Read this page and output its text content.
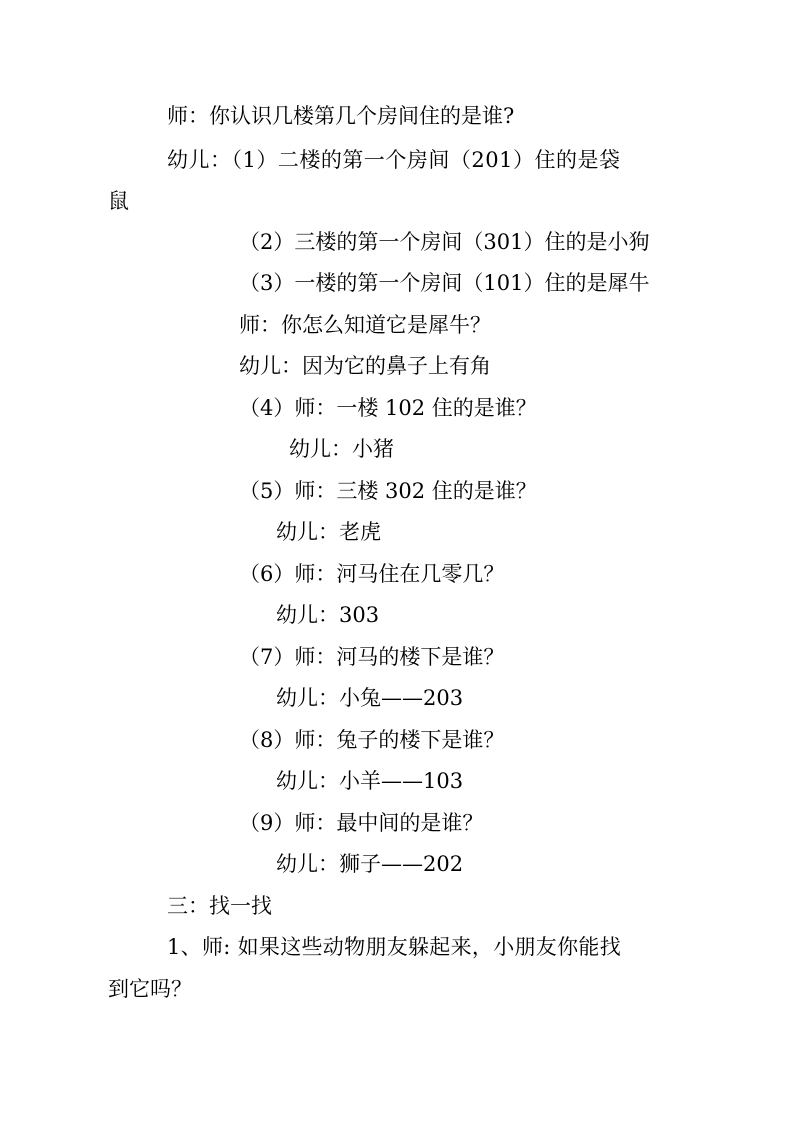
师：你认识几楼第几个房间住的是谁?
幼儿：（1）二楼的第一个房间（201）住的是袋
鼠
（2）三楼的第一个房间（301）住的是小狗
（3）一楼的第一个房间（101）住的是犀牛
师：你怎么知道它是犀牛？
幼儿：因为它的鼻子上有角
（4）师：一楼 102 住的是谁？
幼儿：小猪
（5）师：三楼 302 住的是谁？
幼儿：老虎
（6）师：河马住在几零几？
幼儿：303
（7）师：河马的楼下是谁？
幼儿：小兔——203
（8）师：兔子的楼下是谁？
幼儿：小羊——103
（9）师：最中间的是谁？
幼儿：狮子——202
三：找一找
1、师: 如果这些动物朋友躲起来，小朋友你能找
到它吗？
